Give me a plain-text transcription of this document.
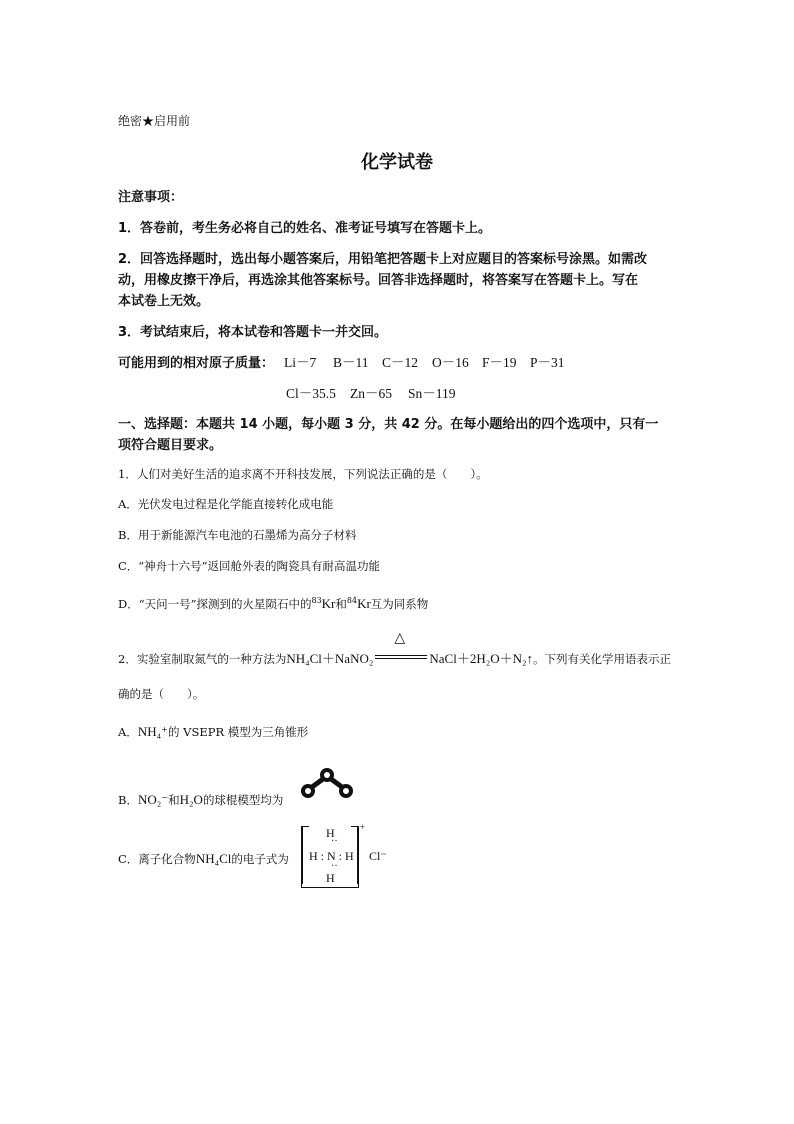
绝密★启用前
化学试卷
注意事项：
1．答卷前，考生务必将自己的姓名、准考证号填写在答题卡上。
2．回答选择题时，选出每小题答案后，用铅笔把答题卡上对应题目的答案标号涂黑。如需改
动，用橡皮擦干净后，再选涂其他答案标号。回答非选择题时，将答案写在答题卡上。写在
本试卷上无效。
3．考试结束后，将本试卷和答题卡一并交回。
可能用到的相对原子质量： Li－7 B－11 C－12 O－16 F－19 P－31
Cl－35.5 Zn－65 Sn－119
一、选择题：本题共 14 小题，每小题 3 分，共 42 分。在每小题给出的四个选项中，只有一
项符合题目要求。
1．人们对美好生活的追求离不开科技发展，下列说法正确的是（　　）。
A．光伏发电过程是化学能直接转化成电能
B．用于新能源汽车电池的石墨烯为高分子材料
C．“神舟十六号”返回舱外表的陶瓷具有耐高温功能
D．“天问一号”探测到的火星陨石中的$^{83}$Kr和$^{84}$Kr互为同系物
2．实验室制取氮气的一种方法为NH₄Cl＋NaNO₂
△
NaCl＋2H₂O＋N₂↑。下列有关化学用语表示正
确的是（　　）。
A．NH₄⁺的 VSEPR 模型为三角锥形
B．NO₂⁻和H₂O的球棍模型均为
C．离子化合物NH₄Cl的电子式为
H
··
H : N : H
··
H
+
Cl⁻
